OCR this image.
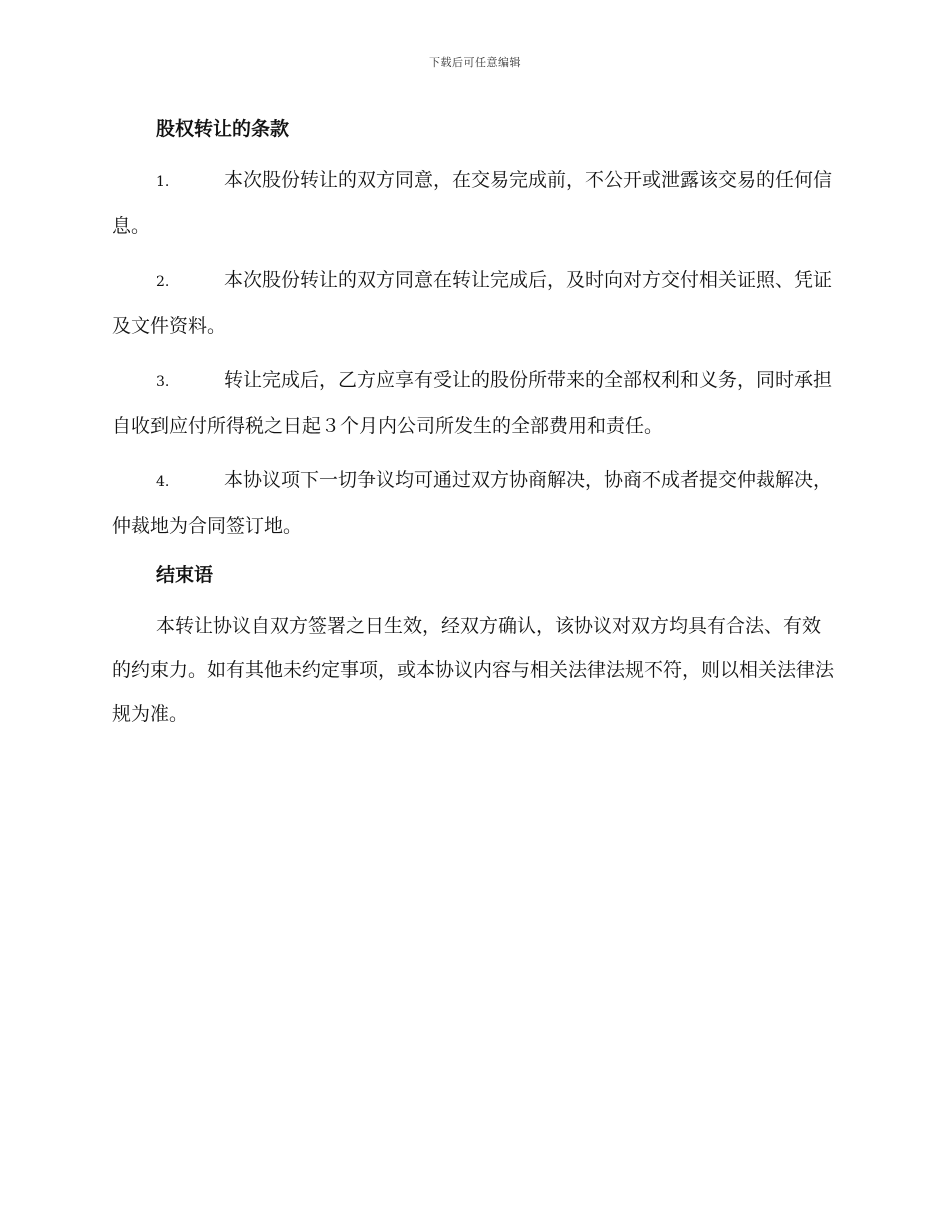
下载后可任意编辑
股权转让的条款

1.	本次股份转让的双方同意，在交易完成前，不公开或泄露该交易的任何信息。

2.	本次股份转让的双方同意在转让完成后，及时向对方交付相关证照、凭证及文件资料。

3.	转让完成后，乙方应享有受让的股份所带来的全部权利和义务，同时承担自收到应付所得税之日起３个月内公司所发生的全部费用和责任。

4.	本协议项下一切争议均可通过双方协商解决，协商不成者提交仲裁解决，仲裁地为合同签订地。

结束语

本转让协议自双方签署之日生效，经双方确认，该协议对双方均具有合法、有效的约束力。如有其他未约定事项，或本协议内容与相关法律法规不符，则以相关法律法规为准。
